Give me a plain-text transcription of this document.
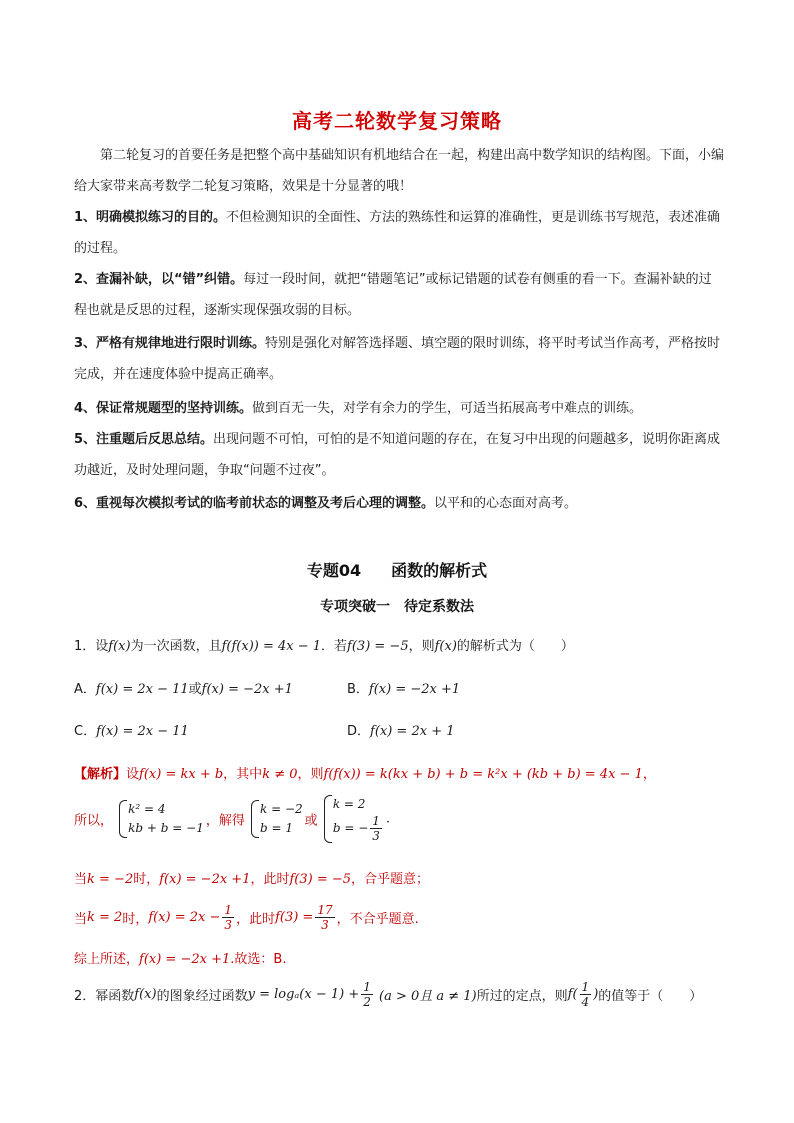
高考二轮数学复习策略
第二轮复习的首要任务是把整个高中基础知识有机地结合在一起，构建出高中数学知识的结构图。下面，小编给大家带来高考数学二轮复习策略，效果是十分显著的哦！
1、明确模拟练习的目的。不但检测知识的全面性、方法的熟练性和运算的准确性，更是训练书写规范，表述准确的过程。
2、查漏补缺，以“错”纠错。每过一段时间，就把“错题笔记”或标记错题的试卷有侧重的看一下。查漏补缺的过程也就是反思的过程，逐渐实现保强攻弱的目标。
3、严格有规律地进行限时训练。特别是强化对解答选择题、填空题的限时训练，将平时考试当作高考，严格按时完成，并在速度体验中提高正确率。
4、保证常规题型的坚持训练。做到百无一失，对学有余力的学生，可适当拓展高考中难点的训练。
5、注重题后反思总结。出现问题不可怕，可怕的是不知道问题的存在，在复习中出现的问题越多，说明你距离成功越近，及时处理问题，争取“问题不过夜”。
6、重视每次模拟考试的临考前状态的调整及考后心理的调整。以平和的心态面对高考。
专题04 函数的解析式
专项突破一 待定系数法
1．设f(x)为一次函数，且f(f(x)) = 4x − 1．若f(3) = −5，则f(x)的解析式为（　　）
A．f(x) = 2x − 11或f(x) = −2x +1	B．f(x) = −2x +1
C．f(x) = 2x − 11	D．f(x) = 2x + 1
【解析】设f(x) = kx + b，其中k ≠ 0，则f(f(x)) = k(kx + b) + b = k²x + (kb + b) = 4x − 1，
所以，
k² = 4
kb + b = −1 ，解得
k = −2
b = 1 或
k = 2
b = − $\frac{1}{3}$ .
当k = −2时，f(x) = −2x +1，此时f(3) = −5，合乎题意；
当k = 2时，$f(x) = 2x - \frac{1}{3}$ ，此时$f(3) = \frac{17}{3}$ ，不合乎题意.
综上所述，f(x) = −2x +1.故选：B.
2．幂函数f(x)的图象经过函数$y = \log_a(x - 1) + \frac{1}{2} (a > 0$且 a ≠ 1)所过的定点，则$f( \frac{1}{4}$ )的值等于（　　）
